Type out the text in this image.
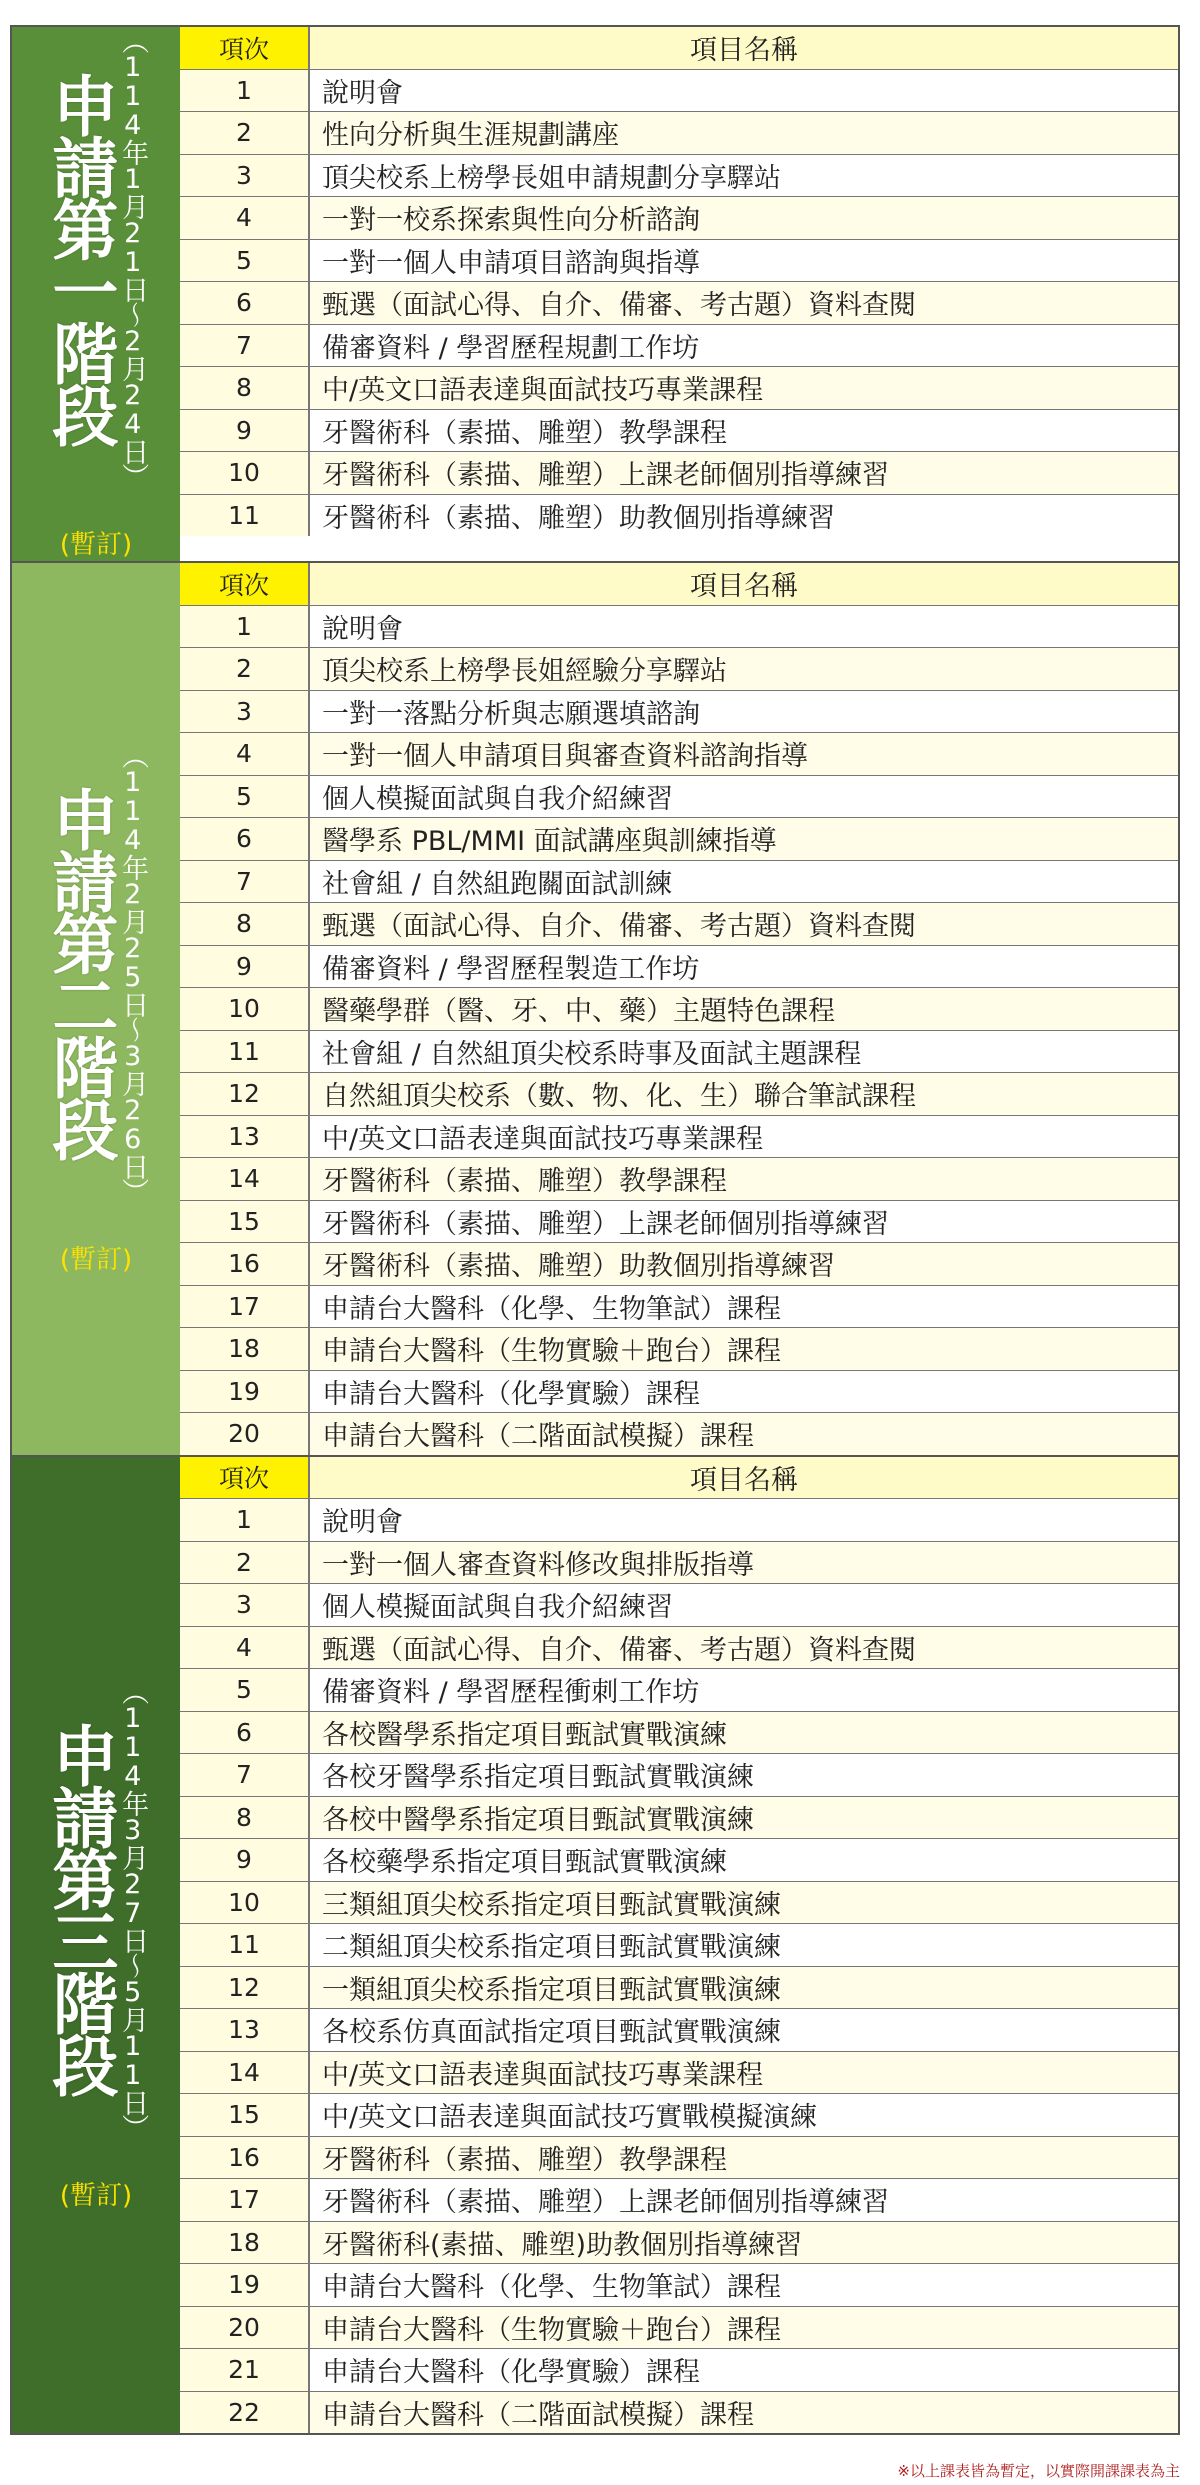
申請第一階段 （114年1月21日～2月24日）
(暫訂)
項次	項目名稱
1	說明會
2	性向分析與生涯規劃講座
3	頂尖校系上榜學長姐申請規劃分享驛站
4	一對一校系探索與性向分析諮詢
5	一對一個人申請項目諮詢與指導
6	甄選（面試心得、自介、備審、考古題）資料查閱
7	備審資料 / 學習歷程規劃工作坊
8	中/英文口語表達與面試技巧專業課程
9	牙醫術科（素描、雕塑）教學課程
10	牙醫術科（素描、雕塑）上課老師個別指導練習
11	牙醫術科（素描、雕塑）助教個別指導練習
申請第二階段 （114年2月25日～3月26日）
(暫訂)
項次	項目名稱
1	說明會
2	頂尖校系上榜學長姐經驗分享驛站
3	一對一落點分析與志願選填諮詢
4	一對一個人申請項目與審查資料諮詢指導
5	個人模擬面試與自我介紹練習
6	醫學系 PBL/MMI 面試講座與訓練指導
7	社會組 / 自然組跑關面試訓練
8	甄選（面試心得、自介、備審、考古題）資料查閱
9	備審資料 / 學習歷程製造工作坊
10	醫藥學群（醫、牙、中、藥）主題特色課程
11	社會組 / 自然組頂尖校系時事及面試主題課程
12	自然組頂尖校系（數、物、化、生）聯合筆試課程
13	中/英文口語表達與面試技巧專業課程
14	牙醫術科（素描、雕塑）教學課程
15	牙醫術科（素描、雕塑）上課老師個別指導練習
16	牙醫術科（素描、雕塑）助教個別指導練習
17	申請台大醫科（化學、生物筆試）課程
18	申請台大醫科（生物實驗＋跑台）課程
19	申請台大醫科（化學實驗）課程
20	申請台大醫科（二階面試模擬）課程
申請第三階段 （114年3月27日～5月11日）
(暫訂)
項次	項目名稱
1	說明會
2	一對一個人審查資料修改與排版指導
3	個人模擬面試與自我介紹練習
4	甄選（面試心得、自介、備審、考古題）資料查閱
5	備審資料 / 學習歷程衝刺工作坊
6	各校醫學系指定項目甄試實戰演練
7	各校牙醫學系指定項目甄試實戰演練
8	各校中醫學系指定項目甄試實戰演練
9	各校藥學系指定項目甄試實戰演練
10	三類組頂尖校系指定項目甄試實戰演練
11	二類組頂尖校系指定項目甄試實戰演練
12	一類組頂尖校系指定項目甄試實戰演練
13	各校系仿真面試指定項目甄試實戰演練
14	中/英文口語表達與面試技巧專業課程
15	中/英文口語表達與面試技巧實戰模擬演練
16	牙醫術科（素描、雕塑）教學課程
17	牙醫術科（素描、雕塑）上課老師個別指導練習
18	牙醫術科(素描、雕塑)助教個別指導練習
19	申請台大醫科（化學、生物筆試）課程
20	申請台大醫科（生物實驗＋跑台）課程
21	申請台大醫科（化學實驗）課程
22	申請台大醫科（二階面試模擬）課程
※以上課表皆為暫定，以實際開課課表為主
